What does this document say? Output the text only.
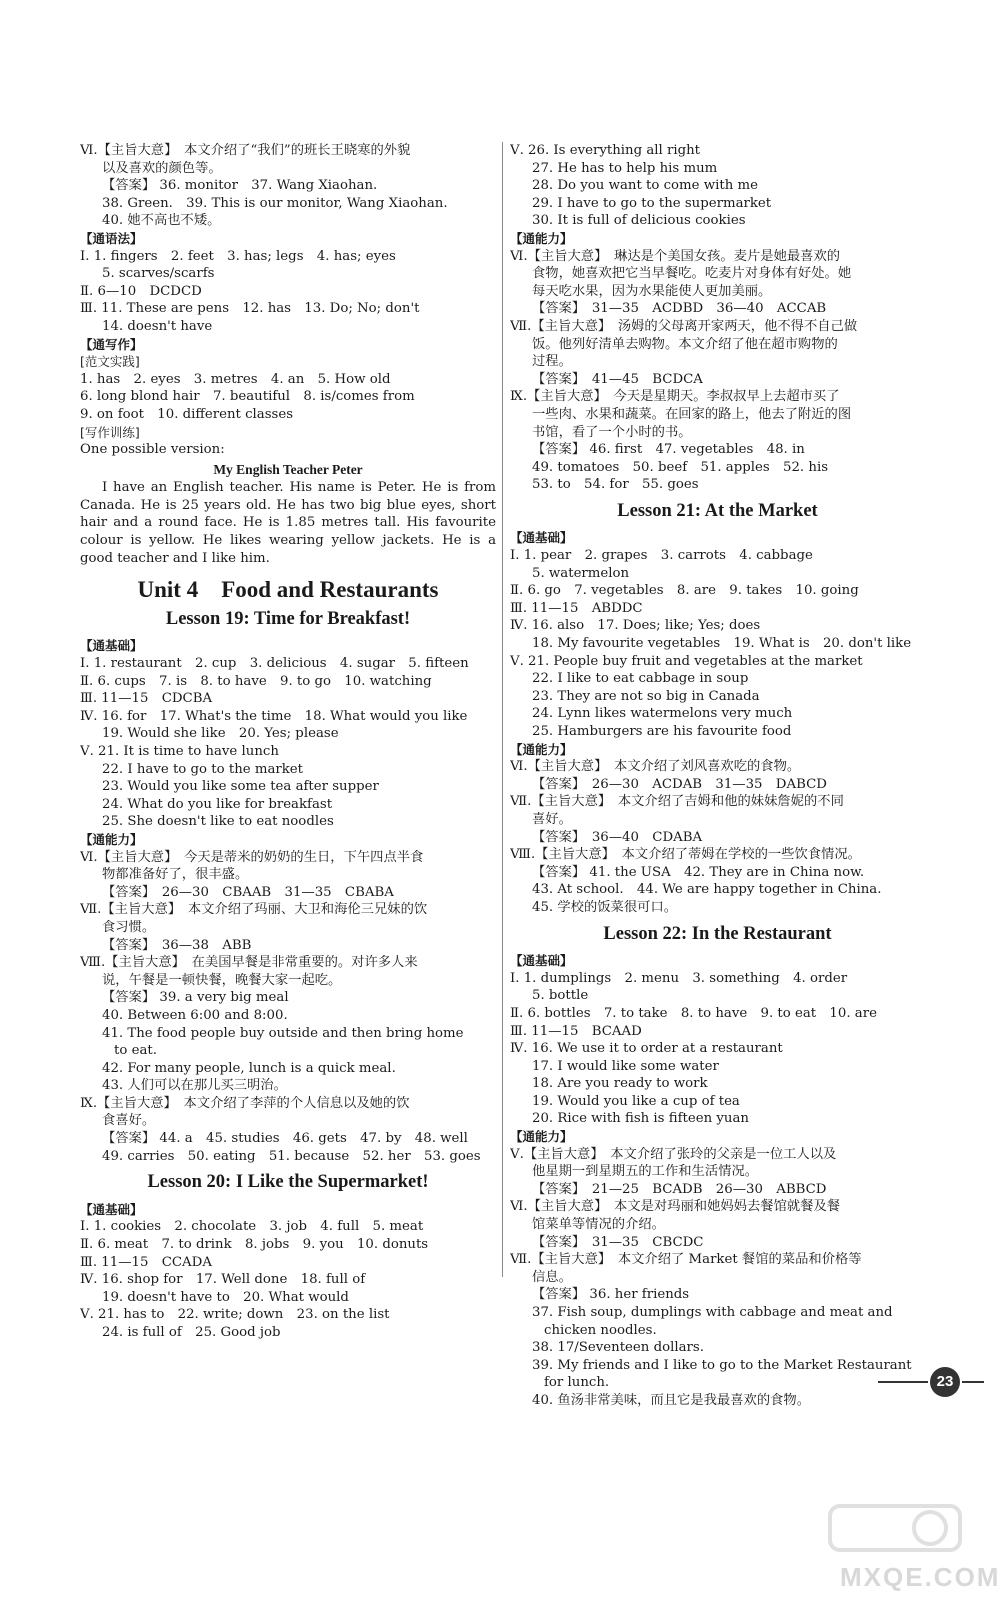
Ⅵ.【主旨大意】　本文介绍了“我们”的班长王晓寒的外貌
以及喜欢的颜色等。
【答案】 36. monitor　37. Wang Xiaohan.
38. Green.　39. This is our monitor, Wang Xiaohan.
40. 她不高也不矮。
【通语法】
Ⅰ. 1. fingers　2. feet　3. has; legs　4. has; eyes
5. scarves/scarfs
Ⅱ. 6—10　DCDCD
Ⅲ. 11. These are pens　12. has　13. Do; No; don't
14. doesn't have
【通写作】
[范文实践]
1. has　2. eyes　3. metres　4. an　5. How old
6. long blond hair　7. beautiful　8. is/comes from
9. on foot　10. different classes
[写作训练]
One possible version:
My English Teacher Peter

I have an English teacher. His name is Peter. He is from Canada. He is 25 years old. He has two big blue eyes, short hair and a round face. He is 1.85 metres tall. His favourite colour is yellow. He likes wearing yellow jackets. He is a good teacher and I like him.

Unit 4　Food and Restaurants
Lesson 19: Time for Breakfast!
【通基础】
Ⅰ. 1. restaurant　2. cup　3. delicious　4. sugar　5. fifteen
Ⅱ. 6. cups　7. is　8. to have　9. to go　10. watching
Ⅲ. 11—15　CDCBA
Ⅳ. 16. for　17. What's the time　18. What would you like
19. Would she like　20. Yes; please
Ⅴ. 21. It is time to have lunch
22. I have to go to the market
23. Would you like some tea after supper
24. What do you like for breakfast
25. She doesn't like to eat noodles
【通能力】
Ⅵ.【主旨大意】　今天是蒂米的奶奶的生日，下午四点半食
物都准备好了，很丰盛。
【答案】　26—30　CBAAB　31—35　CBABA
Ⅶ.【主旨大意】　本文介绍了玛丽、大卫和海伦三兄妹的饮
食习惯。
【答案】　36—38　ABB
Ⅷ.【主旨大意】　在美国早餐是非常重要的。对许多人来
说，午餐是一顿快餐，晚餐大家一起吃。
【答案】 39. a very big meal
40. Between 6:00 and 8:00.
41. The food people buy outside and then bring home
to eat.
42. For many people, lunch is a quick meal.
43. 人们可以在那儿买三明治。
Ⅸ.【主旨大意】　本文介绍了李萍的个人信息以及她的饮
食喜好。
【答案】 44. a　45. studies　46. gets　47. by　48. well
49. carries　50. eating　51. because　52. her　53. goes
Lesson 20: I Like the Supermarket!
【通基础】
Ⅰ. 1. cookies　2. chocolate　3. job　4. full　5. meat
Ⅱ. 6. meat　7. to drink　8. jobs　9. you　10. donuts
Ⅲ. 11—15　CCADA
Ⅳ. 16. shop for　17. Well done　18. full of
19. doesn't have to　20. What would
Ⅴ. 21. has to　22. write; down　23. on the list
24. is full of　25. Good job
Ⅴ. 26. Is everything all right
27. He has to help his mum
28. Do you want to come with me
29. I have to go to the supermarket
30. It is full of delicious cookies
【通能力】
Ⅵ.【主旨大意】　琳达是个美国女孩。麦片是她最喜欢的
食物，她喜欢把它当早餐吃。吃麦片对身体有好处。她
每天吃水果，因为水果能使人更加美丽。
【答案】　31—35　ACDBD　36—40　ACCAB
Ⅶ.【主旨大意】　汤姆的父母离开家两天，他不得不自己做
饭。他列好清单去购物。本文介绍了他在超市购物的
过程。
【答案】　41—45　BCDCA
Ⅸ.【主旨大意】　今天是星期天。李叔叔早上去超市买了
一些肉、水果和蔬菜。在回家的路上，他去了附近的图
书馆，看了一个小时的书。
【答案】 46. first　47. vegetables　48. in
49. tomatoes　50. beef　51. apples　52. his
53. to　54. for　55. goes
Lesson 21: At the Market
【通基础】
Ⅰ. 1. pear　2. grapes　3. carrots　4. cabbage
5. watermelon
Ⅱ. 6. go　7. vegetables　8. are　9. takes　10. going
Ⅲ. 11—15　ABDDC
Ⅳ. 16. also　17. Does; like; Yes; does
18. My favourite vegetables　19. What is　20. don't like
Ⅴ. 21. People buy fruit and vegetables at the market
22. I like to eat cabbage in soup
23. They are not so big in Canada
24. Lynn likes watermelons very much
25. Hamburgers are his favourite food
【通能力】
Ⅵ.【主旨大意】　本文介绍了刘风喜欢吃的食物。
【答案】　26—30　ACDAB　31—35　DABCD
Ⅶ.【主旨大意】　本文介绍了吉姆和他的妹妹詹妮的不同
喜好。
【答案】　36—40　CDABA
Ⅷ.【主旨大意】　本文介绍了蒂姆在学校的一些饮食情况。
【答案】 41. the USA　42. They are in China now.
43. At school.　44. We are happy together in China.
45. 学校的饭菜很可口。
Lesson 22: In the Restaurant
【通基础】
Ⅰ. 1. dumplings　2. menu　3. something　4. order
5. bottle
Ⅱ. 6. bottles　7. to take　8. to have　9. to eat　10. are
Ⅲ. 11—15　BCAAD
Ⅳ. 16. We use it to order at a restaurant
17. I would like some water
18. Are you ready to work
19. Would you like a cup of tea
20. Rice with fish is fifteen yuan
【通能力】
Ⅴ.【主旨大意】　本文介绍了张玲的父亲是一位工人以及
他星期一到星期五的工作和生活情况。
【答案】　21—25　BCADB　26—30　ABBCD
Ⅵ.【主旨大意】　本文是对玛丽和她妈妈去餐馆就餐及餐
馆菜单等情况的介绍。
【答案】　31—35　CBCDC
Ⅶ.【主旨大意】　本文介绍了 Market 餐馆的菜品和价格等
信息。
【答案】 36. her friends
37. Fish soup, dumplings with cabbage and meat and
chicken noodles.
38. 17/Seventeen dollars.
39. My friends and I like to go to the Market Restaurant
for lunch.
40. 鱼汤非常美味，而且它是我最喜欢的食物。
23
MXQE.COM
